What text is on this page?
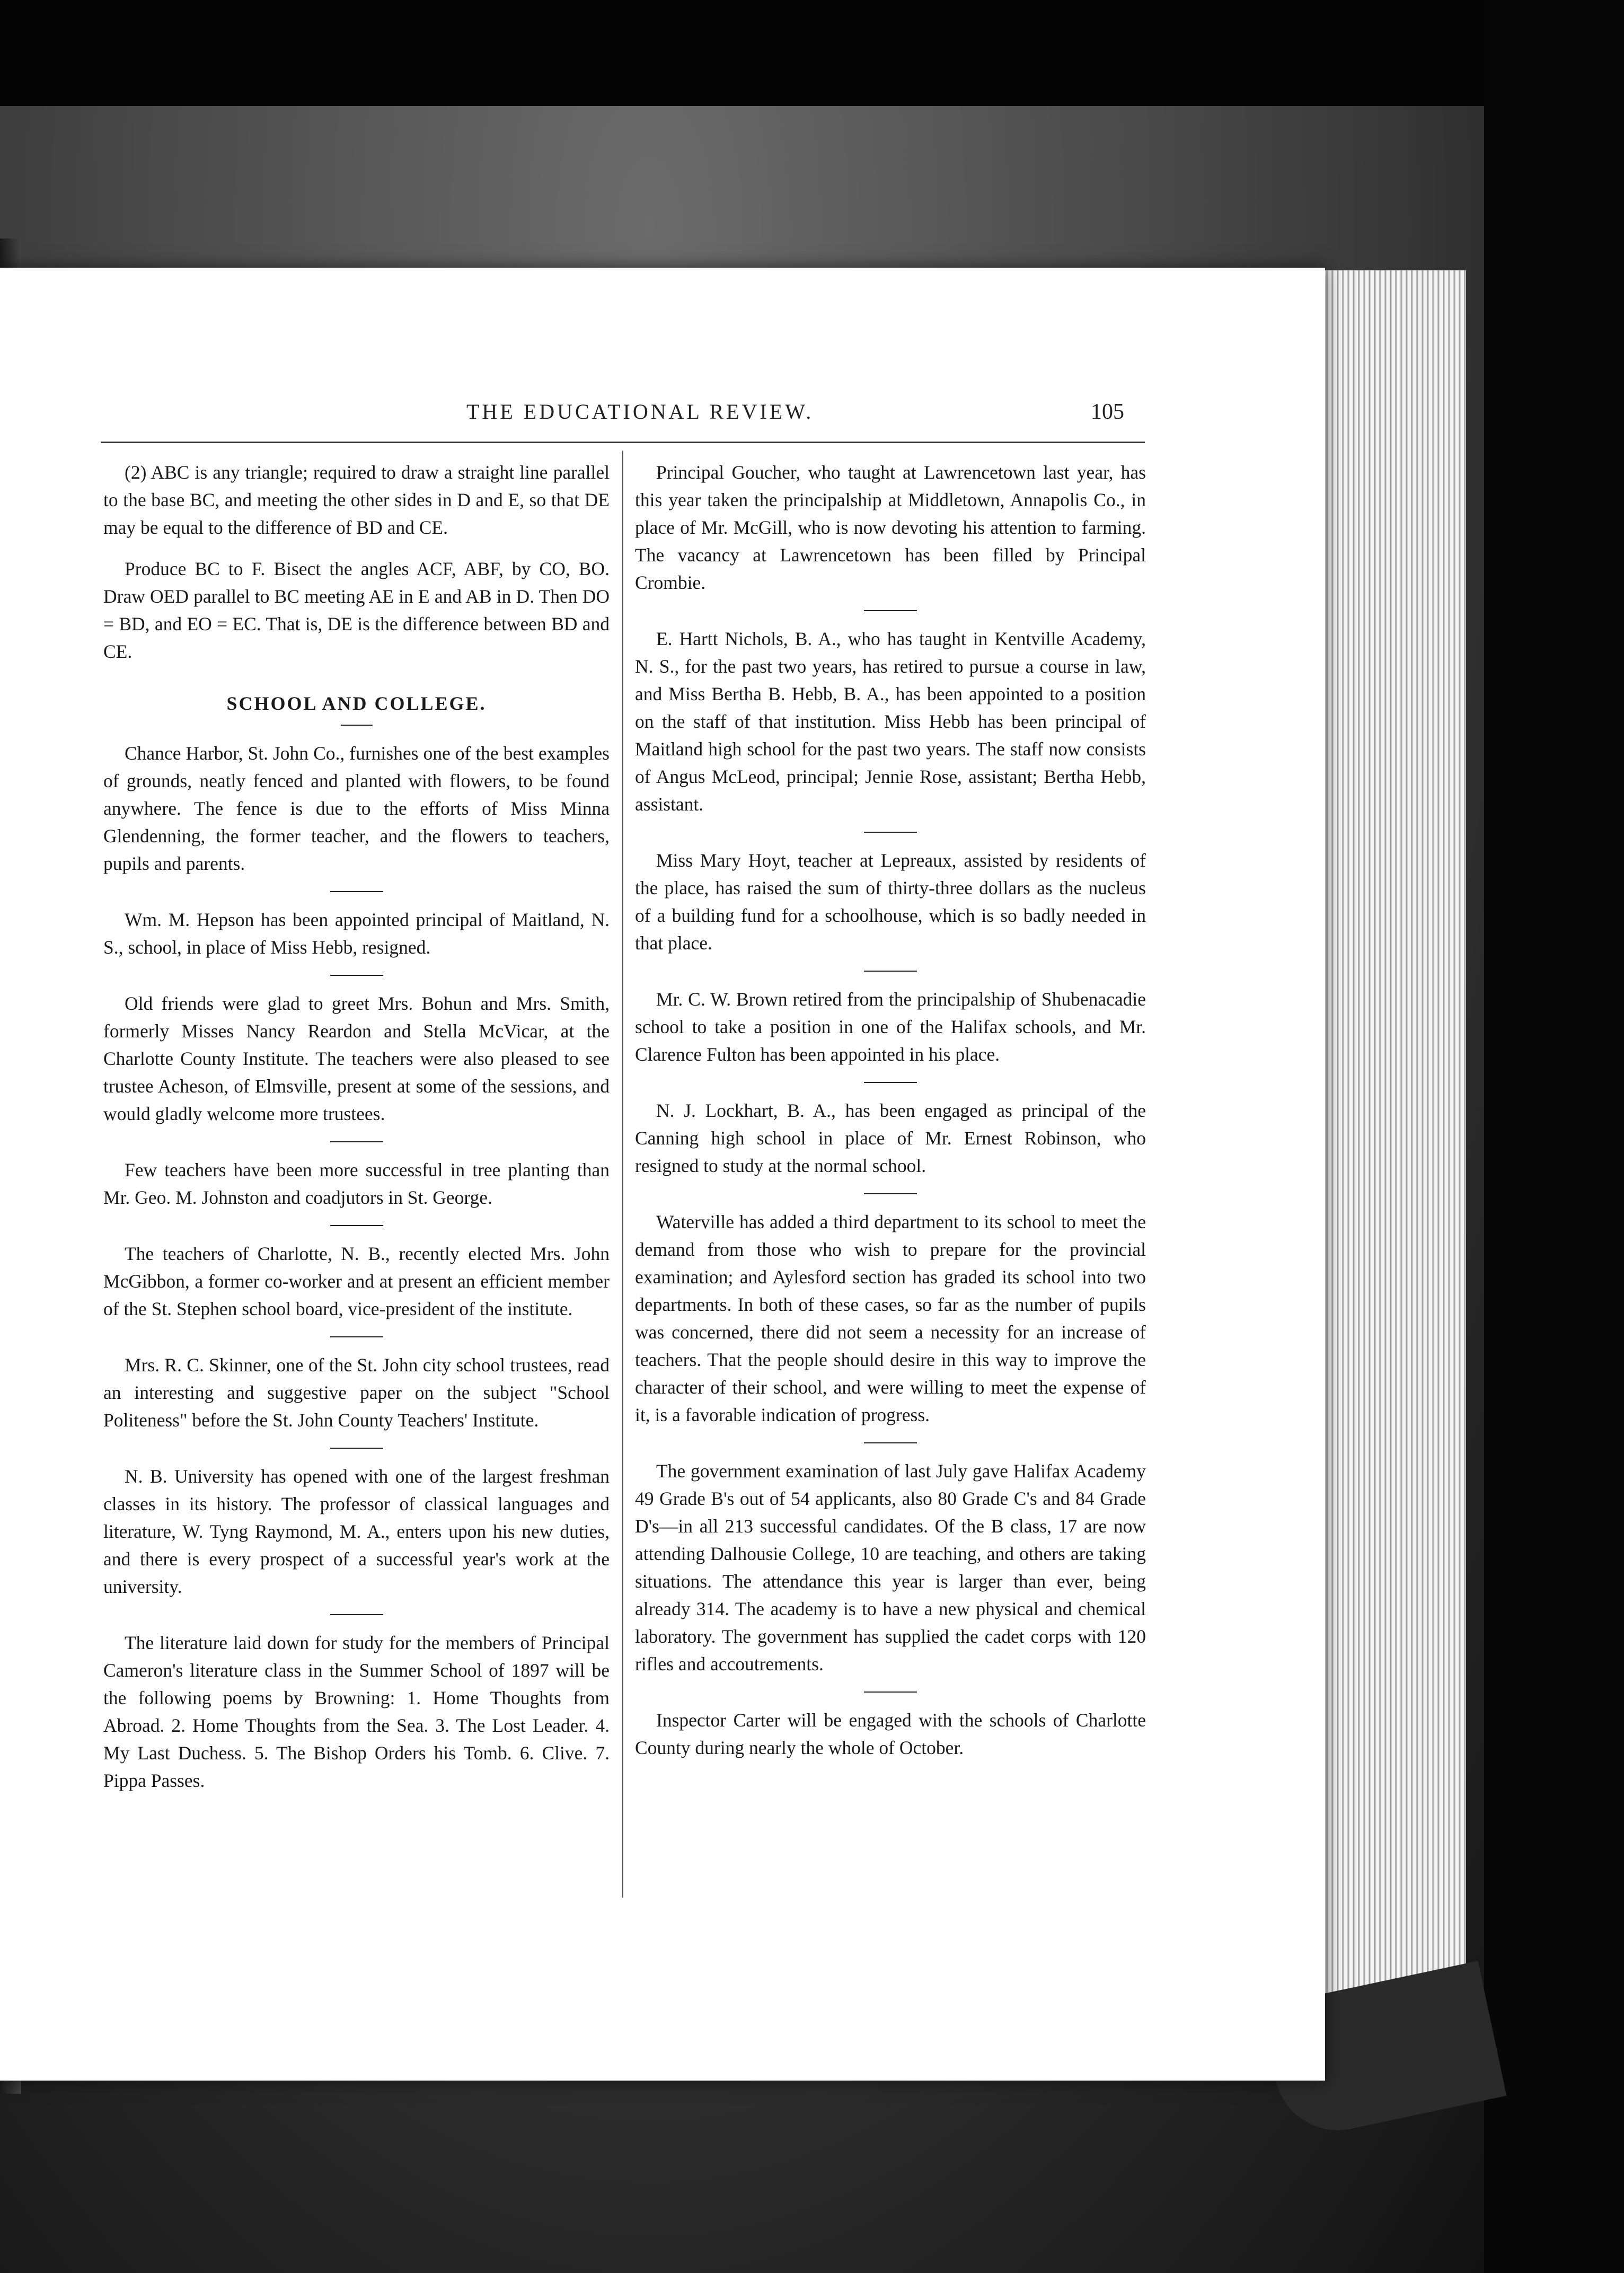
THE EDUCATIONAL REVIEW.	105

(2) ABC is any triangle; required to draw a straight line parallel to the base BC, and meeting the other sides in D and E, so that DE may be equal to the difference of BD and CE.

Produce BC to F. Bisect the angles ACF, ABF, by CO, BO. Draw OED parallel to BC meeting AE in E and AB in D. Then DO = BD, and EO = EC. That is, DE is the difference between BD and CE.

SCHOOL AND COLLEGE.

Chance Harbor, St. John Co., furnishes one of the best examples of grounds, neatly fenced and planted with flowers, to be found anywhere. The fence is due to the efforts of Miss Minna Glendenning, the former teacher, and the flowers to teachers, pupils and parents.

Wm. M. Hepson has been appointed principal of Maitland, N. S., school, in place of Miss Hebb, resigned.

Old friends were glad to greet Mrs. Bohun and Mrs. Smith, formerly Misses Nancy Reardon and Stella McVicar, at the Charlotte County Institute. The teachers were also pleased to see trustee Acheson, of Elmsville, present at some of the sessions, and would gladly welcome more trustees.

Few teachers have been more successful in tree planting than Mr. Geo. M. Johnston and coadjutors in St. George.

The teachers of Charlotte, N. B., recently elected Mrs. John McGibbon, a former co-worker and at present an efficient member of the St. Stephen school board, vice-president of the institute.

Mrs. R. C. Skinner, one of the St. John city school trustees, read an interesting and suggestive paper on the subject "School Politeness" before the St. John County Teachers' Institute.

N. B. University has opened with one of the largest freshman classes in its history. The professor of classical languages and literature, W. Tyng Raymond, M. A., enters upon his new duties, and there is every prospect of a successful year's work at the university.

The literature laid down for study for the members of Principal Cameron's literature class in the Summer School of 1897 will be the following poems by Browning: 1. Home Thoughts from Abroad. 2. Home Thoughts from the Sea. 3. The Lost Leader. 4. My Last Duchess. 5. The Bishop Orders his Tomb. 6. Clive. 7. Pippa Passes.

Principal Goucher, who taught at Lawrencetown last year, has this year taken the principalship at Middletown, Annapolis Co., in place of Mr. McGill, who is now devoting his attention to farming. The vacancy at Lawrencetown has been filled by Principal Crombie.

E. Hartt Nichols, B. A., who has taught in Kentville Academy, N. S., for the past two years, has retired to pursue a course in law, and Miss Bertha B. Hebb, B. A., has been appointed to a position on the staff of that institution. Miss Hebb has been principal of Maitland high school for the past two years. The staff now consists of Angus McLeod, principal; Jennie Rose, assistant; Bertha Hebb, assistant.

Miss Mary Hoyt, teacher at Lepreaux, assisted by residents of the place, has raised the sum of thirty-three dollars as the nucleus of a building fund for a schoolhouse, which is so badly needed in that place.

Mr. C. W. Brown retired from the principalship of Shubenacadie school to take a position in one of the Halifax schools, and Mr. Clarence Fulton has been appointed in his place.

N. J. Lockhart, B. A., has been engaged as principal of the Canning high school in place of Mr. Ernest Robinson, who resigned to study at the normal school.

Waterville has added a third department to its school to meet the demand from those who wish to prepare for the provincial examination; and Aylesford section has graded its school into two departments. In both of these cases, so far as the number of pupils was concerned, there did not seem a necessity for an increase of teachers. That the people should desire in this way to improve the character of their school, and were willing to meet the expense of it, is a favorable indication of progress.

The government examination of last July gave Halifax Academy 49 Grade B's out of 54 applicants, also 80 Grade C's and 84 Grade D's—in all 213 successful candidates. Of the B class, 17 are now attending Dalhousie College, 10 are teaching, and others are taking situations. The attendance this year is larger than ever, being already 314. The academy is to have a new physical and chemical laboratory. The government has supplied the cadet corps with 120 rifles and accoutrements.

Inspector Carter will be engaged with the schools of Charlotte County during nearly the whole of October.
